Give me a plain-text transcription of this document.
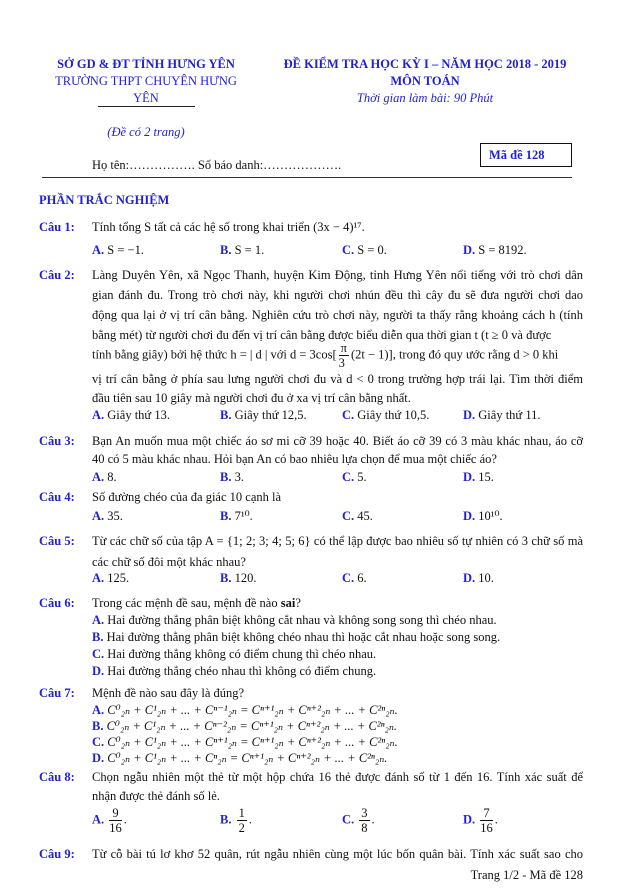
SỞ GD & ĐT TỈNH HƯNG YÊN
TRƯỜNG THPT CHUYÊN HƯNG
YÊN
(Đề có 2 trang)
ĐỀ KIỂM TRA HỌC KỲ I – NĂM HỌC 2018 - 2019
MÔN TOÁN
Thời gian làm bài: 90 Phút
Mã đề 128
Họ tên:……………. Số báo danh:……………….
PHẦN TRẮC NGHIỆM
Câu 1:
Câu 2:
Câu 3:
Câu 4:
Câu 5:
Câu 6:
Câu 7:
Câu 8:
Câu 9:
Tính tổng S tất cả các hệ số trong khai triển (3x − 4)¹⁷.
A. S = −1.	B. S = 1.	C. S = 0.	D. S = 8192.
Làng Duyên Yên, xã Ngọc Thanh, huyện Kim Động, tỉnh Hưng Yên nổi tiếng với trò chơi dân
gian đánh đu. Trong trò chơi này, khi người chơi nhún đều thì cây đu sẽ đưa người chơi dao
động qua lại ở vị trí cân bằng. Nghiên cứu trò chơi này, người ta thấy rằng khoảng cách h (tính
bằng mét) từ người chơi đu đến vị trí cân bằng được biểu diễn qua thời gian t (t ≥ 0 và được
tính bằng giây) bởi hệ thức h = | d | với $d = 3\cos[ \frac{\pi}{3} (2t - 1)]$, trong đó quy ước rằng d > 0 khi
vị trí cân bằng ở phía sau lưng người chơi đu và d < 0 trong trường hợp trái lại. Tìm thời điểm
đầu tiên sau 10 giây mà người chơi đu ở xa vị trí cân bằng nhất.
A. Giây thứ 13.	B. Giây thứ 12,5.	C. Giây thứ 10,5.	D. Giây thứ 11.
Bạn An muốn mua một chiếc áo sơ mi cỡ 39 hoặc 40. Biết áo cỡ 39 có 3 màu khác nhau, áo cỡ
40 có 5 màu khác nhau. Hỏi bạn An có bao nhiêu lựa chọn để mua một chiếc áo?
A. 8.	B. 3.	C. 5.	D. 15.
Số đường chéo của đa giác 10 cạnh là
A. 35.	B. 7¹⁰.	C. 45.	D. 10¹⁰.
Từ các chữ số của tập A = {1; 2; 3; 4; 5; 6} có thể lập được bao nhiêu số tự nhiên có 3 chữ số mà
các chữ số đôi một khác nhau?
A. 125.	B. 120.	C. 6.	D. 10.
Trong các mệnh đề sau, mệnh đề nào sai?
A. Hai đường thẳng phân biệt không cắt nhau và không song song thì chéo nhau.
B. Hai đường thẳng phân biệt không chéo nhau thì hoặc cắt nhau hoặc song song.
C. Hai đường thẳng không có điểm chung thì chéo nhau.
D. Hai đường thẳng chéo nhau thì không có điểm chung.
Mệnh đề nào sau đây là đúng?
A. C⁰₂ₙ + C¹₂ₙ + ... + Cⁿ⁻¹₂ₙ = Cⁿ⁺¹₂ₙ + Cⁿ⁺²₂ₙ + ... + C²ⁿ₂ₙ.
B. C⁰₂ₙ + C¹₂ₙ + ... + Cⁿ⁻²₂ₙ = Cⁿ⁺¹₂ₙ + Cⁿ⁺²₂ₙ + ... + C²ⁿ₂ₙ.
C. C⁰₂ₙ + C¹₂ₙ + ... + Cⁿ⁺¹₂ₙ = Cⁿ⁺¹₂ₙ + Cⁿ⁺²₂ₙ + ... + C²ⁿ₂ₙ.
D. C⁰₂ₙ + C¹₂ₙ + ... + Cⁿ₂ₙ = Cⁿ⁺¹₂ₙ + Cⁿ⁺²₂ₙ + ... + C²ⁿ₂ₙ.
Chọn ngẫu nhiên một thẻ từ một hộp chứa 16 thẻ được đánh số từ 1 đến 16. Tính xác suất để
nhận được thẻ đánh số lẻ.
A. $\frac{9}{16}$ .	B. $\frac{1}{2}$ .	C. $\frac{3}{8}$ .	D. $\frac{7}{16}$ .
Từ cỗ bài tú lơ khơ 52 quân, rút ngẫu nhiên cùng một lúc bốn quân bài. Tính xác suất sao cho
Trang 1/2 - Mã đề 128
